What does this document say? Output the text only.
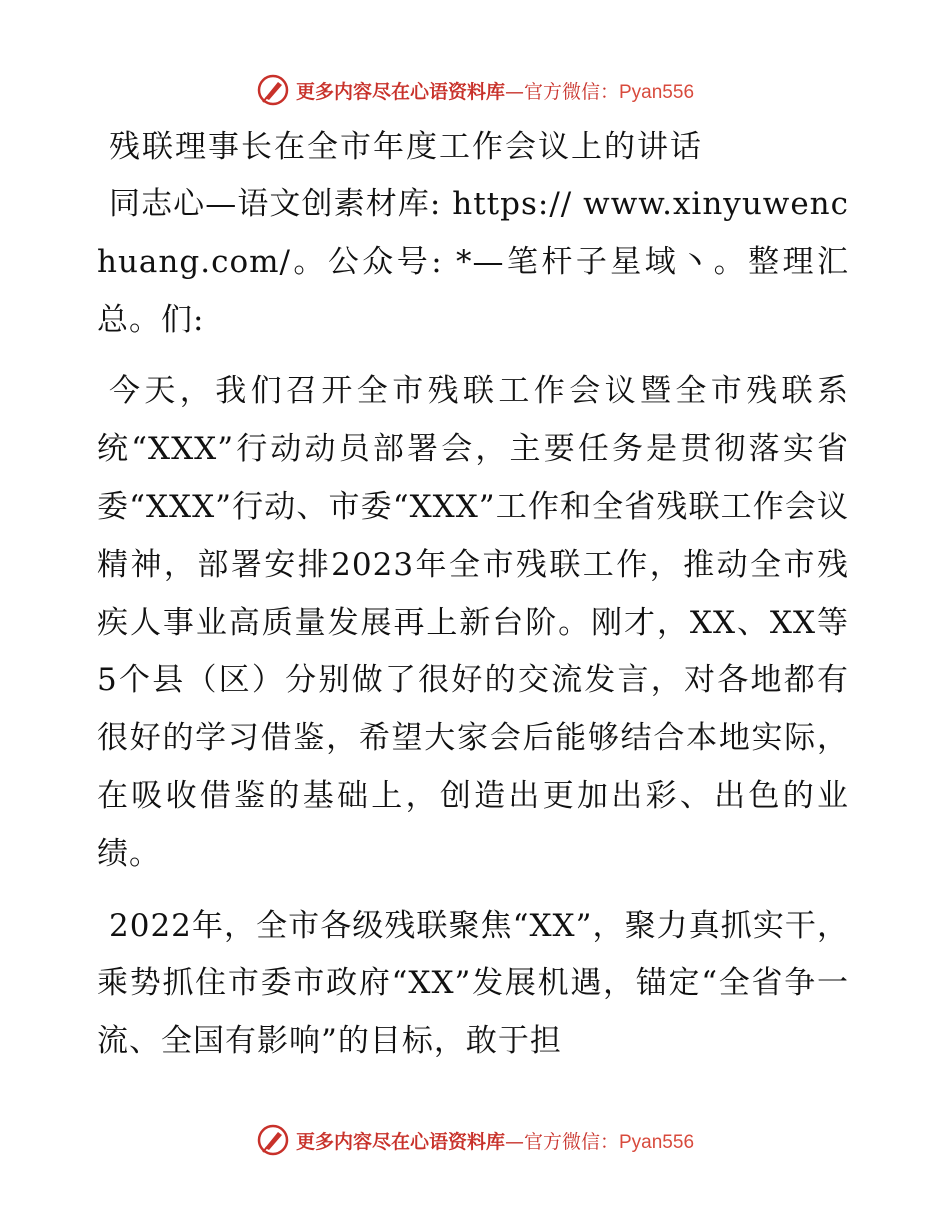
更多内容尽在心语资料库—官方微信：Pyan556
残联理事长在全市年度工作会议上的讲话

同志心—语文创素材库: https:// www.xinyuwenchuang.com/。公众号: *—笔杆子星域丶。整理汇总。们:

今天，我们召开全市残联工作会议暨全市残联系统“XXX”行动动员部署会，主要任务是贯彻落实省委“XXX”行动、市委“XXX”工作和全省残联工作会议精神，部署安排2023年全市残联工作，推动全市残疾人事业高质量发展再上新台阶。刚才，XX、XX等5个县（区）分别做了很好的交流发言，对各地都有很好的学习借鉴，希望大家会后能够结合本地实际，在吸收借鉴的基础上，创造出更加出彩、出色的业绩。

2022年，全市各级残联聚焦“XX”，聚力真抓实干，乘势抓住市委市政府“XX”发展机遇，锚定“全省争一流、全国有影响”的目标，敢于担

更多内容尽在心语资料库—官方微信：Pyan556
